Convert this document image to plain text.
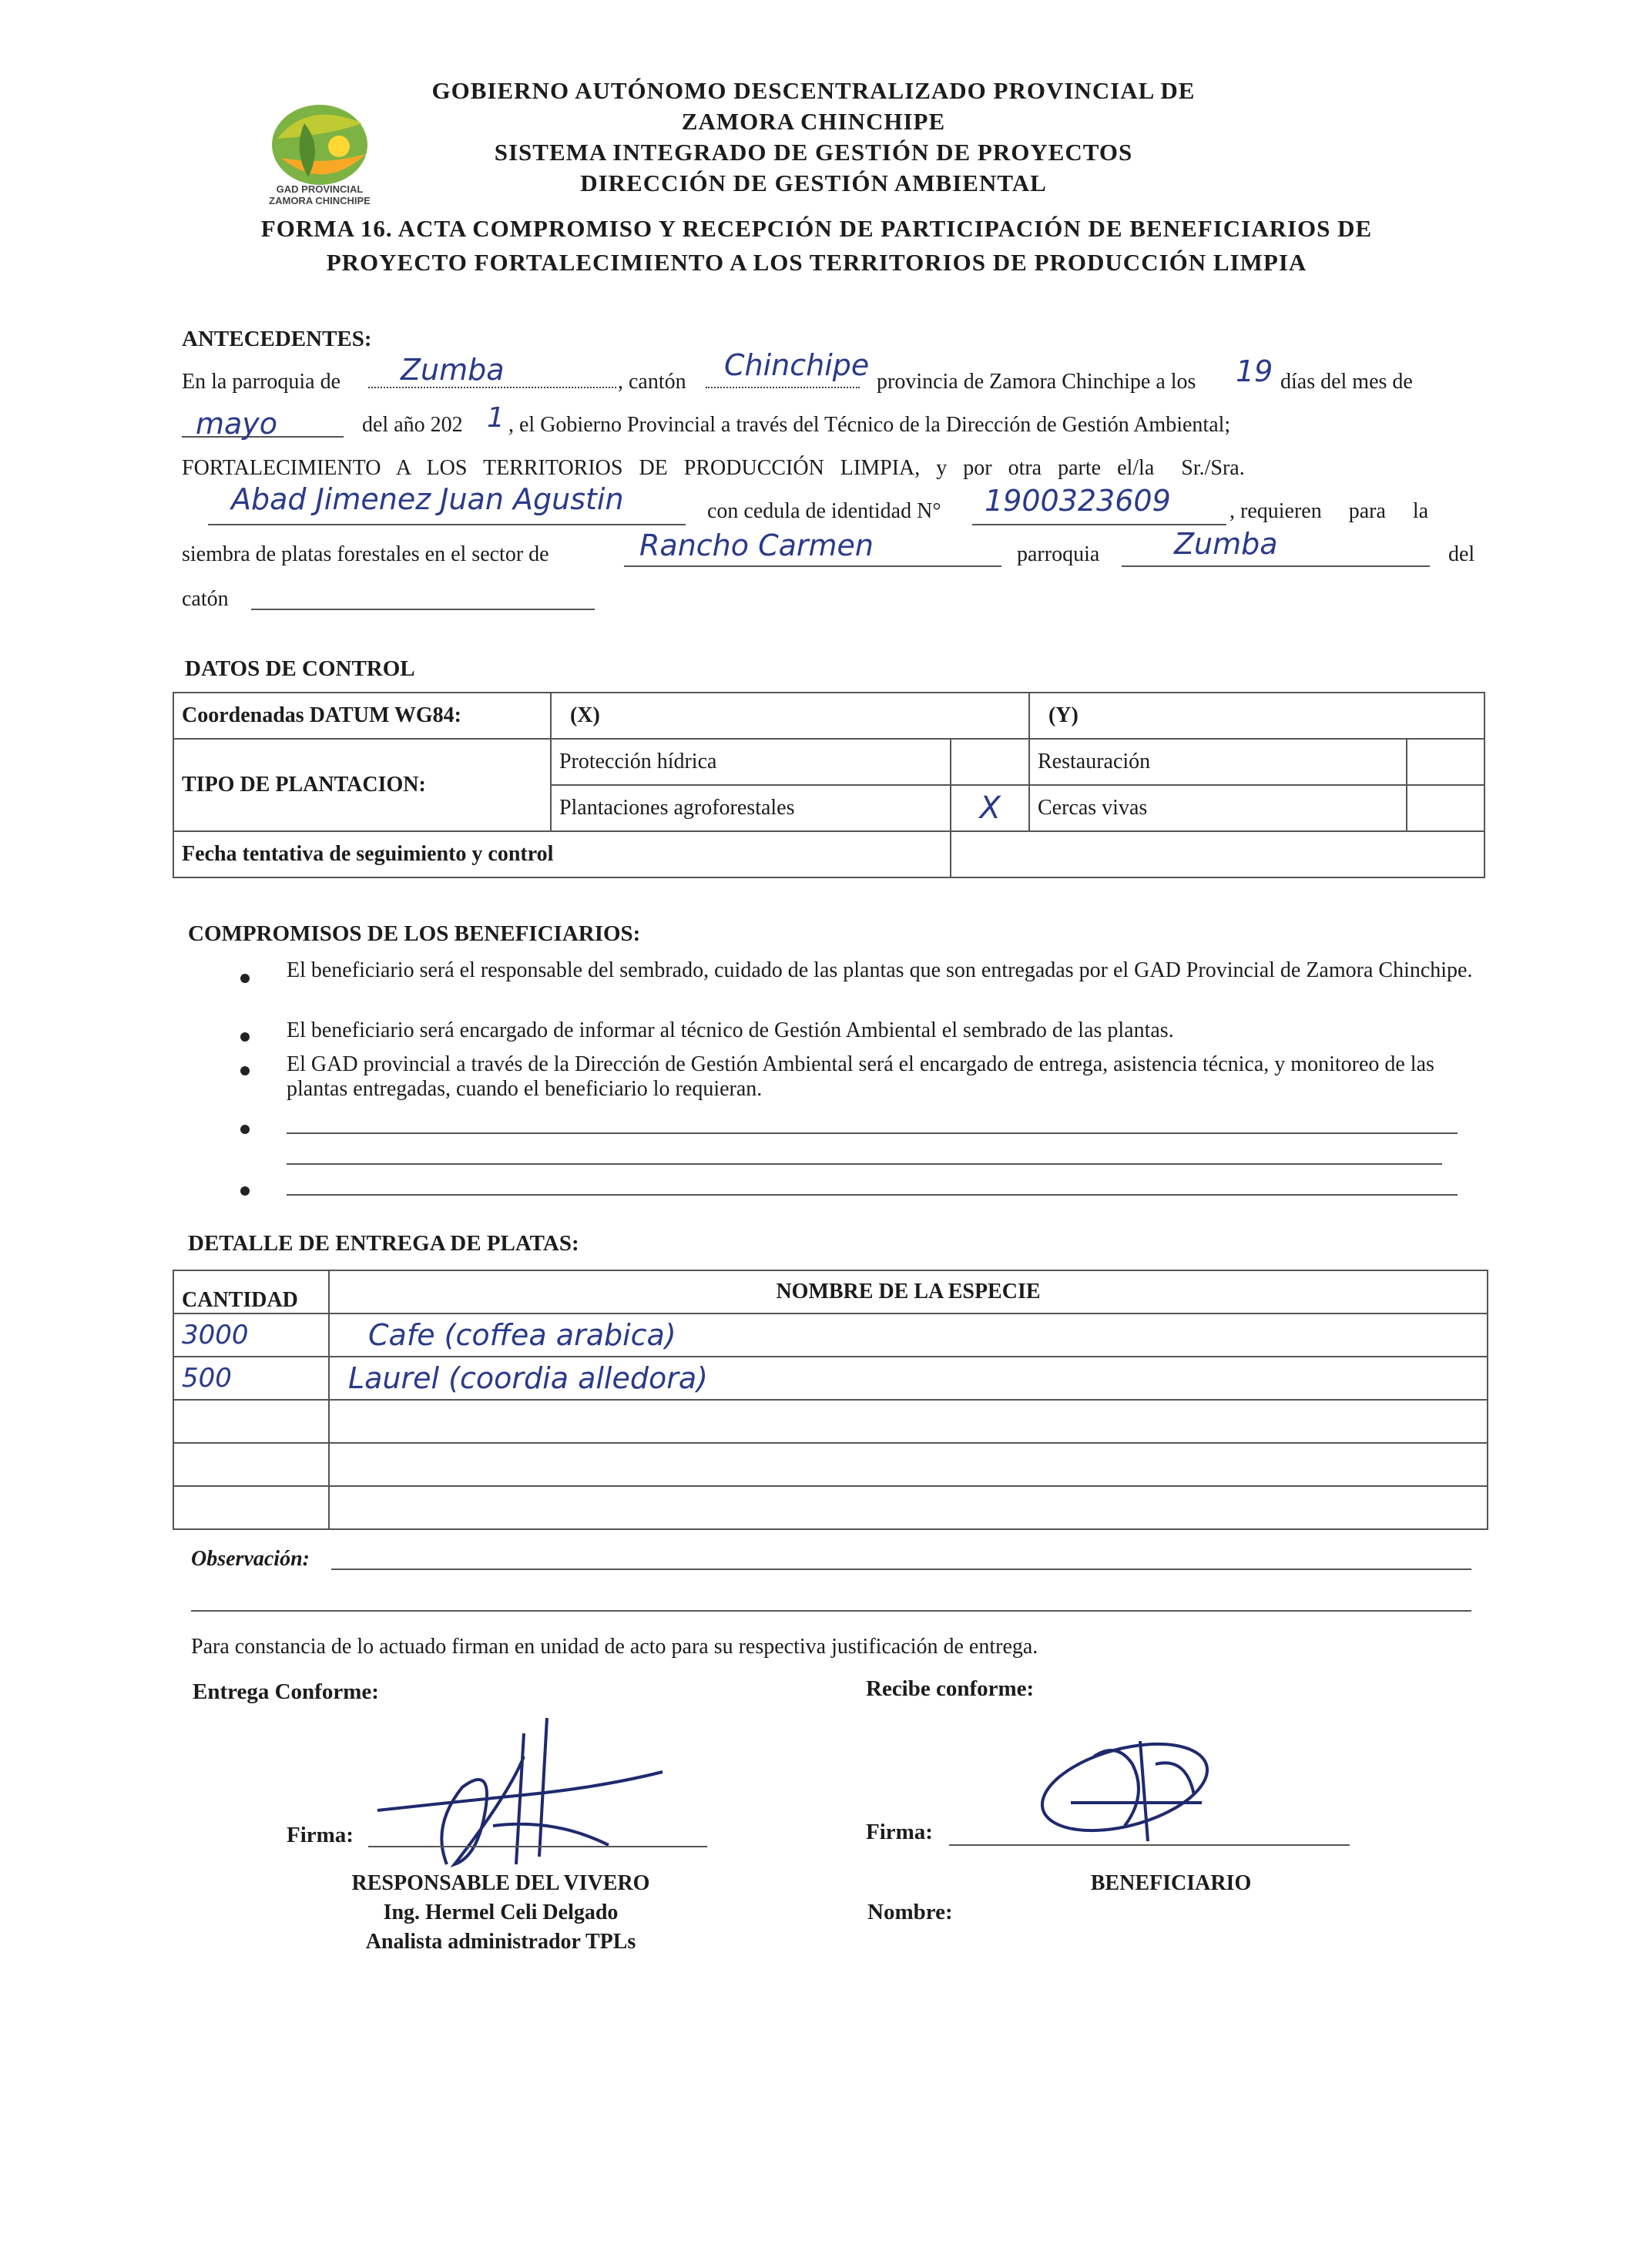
GAD PROVINCIAL
ZAMORA CHINCHIPE
GOBIERNO AUTÓNOMO DESCENTRALIZADO PROVINCIAL DE
ZAMORA CHINCHIPE
SISTEMA INTEGRADO DE GESTIÓN DE PROYECTOS
DIRECCIÓN DE GESTIÓN AMBIENTAL
FORMA 16. ACTA COMPROMISO Y RECEPCIÓN DE PARTICIPACIÓN DE BENEFICIARIOS DE
PROYECTO FORTALECIMIENTO A LOS TERRITORIOS DE PRODUCCIÓN LIMPIA
ANTECEDENTES:
En la parroquia de Zumba	, cantón Chinchipe provincia de Zamora Chinchipe a los 19 días del mes de
mayo	del año 202 1 , el Gobierno Provincial a través del Técnico de la Dirección de Gestión Ambiental;
FORTALECIMIENTO   A   LOS   TERRITORIOS   DE   PRODUCCIÓN   LIMPIA,   y   por   otra   parte   el/la     Sr./Sra.
Abad Jimenez Juan Agustin	con cedula de identidad N° 1900323609	, requieren     para     la
siembra de platas forestales en el sector de	Rancho Carmen	parroquia	Zumba	del
catón
DATOS DE CONTROL
Coordenadas DATUM WG84:	(X)		(Y)	
TIPO DE PLANTACION:	Protección hídrica		Restauración	
	Plantaciones agroforestales	X	Cercas vivas	
Fecha tentativa de seguimiento y control				
COMPROMISOS DE LOS BENEFICIARIOS:
El beneficiario será el responsable del sembrado, cuidado de las plantas que son entregadas por el GAD Provincial de Zamora Chinchipe.
El beneficiario será encargado de informar al técnico de Gestión Ambiental el sembrado de las plantas.
El GAD provincial a través de la Dirección de Gestión Ambiental será el encargado de entrega, asistencia técnica, y monitoreo de las plantas entregadas, cuando el beneficiario lo requieran.
DETALLE DE ENTREGA DE PLATAS:
CANTIDAD	NOMBRE DE LA ESPECIE
3000	Cafe (coffea arabica)
500	Laurel (coordia alledora)

Observación:
Para constancia de lo actuado firman en unidad de acto para su respectiva justificación de entrega.
Entrega Conforme:	Recibe conforme:
Firma:	Firma:
RESPONSABLE DEL VIVERO
Ing. Hermel Celi Delgado
Analista administrador TPLs
BENEFICIARIO
Nombre:
